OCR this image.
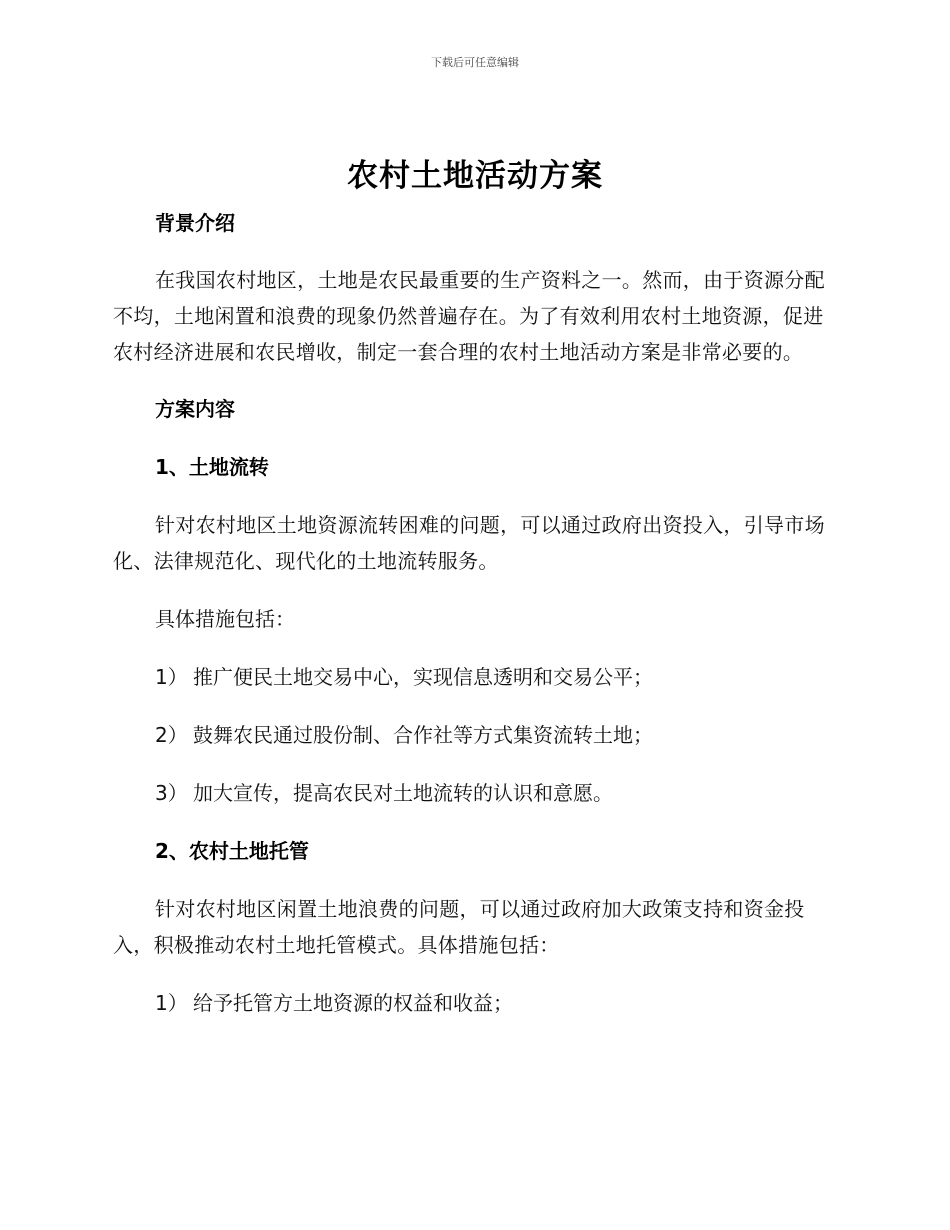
下载后可任意编辑
农村土地活动方案

背景介绍

在我国农村地区，土地是农民最重要的生产资料之一。然而，由于资源分配不均，土地闲置和浪费的现象仍然普遍存在。为了有效利用农村土地资源，促进农村经济进展和农民增收，制定一套合理的农村土地活动方案是非常必要的。

方案内容

1、土地流转

针对农村地区土地资源流转困难的问题，可以通过政府出资投入，引导市场化、法律规范化、现代化的土地流转服务。

具体措施包括：

1） 推广便民土地交易中心，实现信息透明和交易公平；

2） 鼓舞农民通过股份制、合作社等方式集资流转土地；

3） 加大宣传，提高农民对土地流转的认识和意愿。

2、农村土地托管

针对农村地区闲置土地浪费的问题，可以通过政府加大政策支持和资金投入，积极推动农村土地托管模式。具体措施包括：

1） 给予托管方土地资源的权益和收益；
